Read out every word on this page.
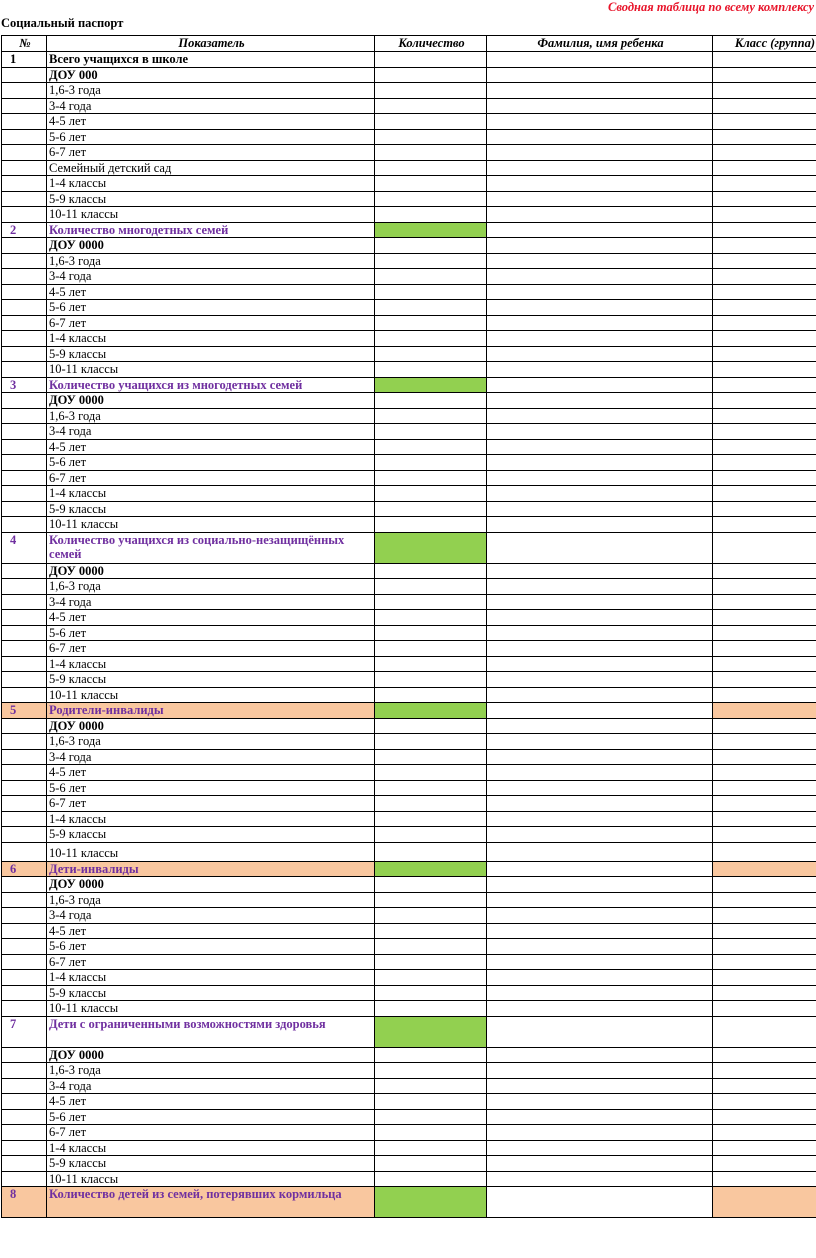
Сводная таблица по всему комплексу
Социальный паспорт
№	Показатель	Количество	Фамилия, имя ребенка	Класс (группа)
1	Всего учащихся в школе			
	ДОУ 000			
	1,6-3 года			
	3-4 года			
	4-5 лет			
	5-6 лет			
	6-7 лет			
	Семейный детский сад			
	1-4 классы			
	5-9 классы			
	10-11 классы			
2	Количество многодетных семей			
	ДОУ 0000			
	1,6-3 года			
	3-4 года			
	4-5 лет			
	5-6 лет			
	6-7 лет			
	1-4 классы			
	5-9 классы			
	10-11 классы			
3	Количество учащихся из многодетных семей			
	ДОУ 0000			
	1,6-3 года			
	3-4 года			
	4-5 лет			
	5-6 лет			
	6-7 лет			
	1-4 классы			
	5-9 классы			
	10-11 классы			
4	Количество учащихся из социально-незащищённых семей			
	ДОУ 0000			
	1,6-3 года			
	3-4 года			
	4-5 лет			
	5-6 лет			
	6-7 лет			
	1-4 классы			
	5-9 классы			
	10-11 классы			
5	Родители-инвалиды			
	ДОУ 0000			
	1,6-3 года			
	3-4 года			
	4-5 лет			
	5-6 лет			
	6-7 лет			
	1-4 классы			
	5-9 классы			
	10-11 классы			
6	Дети-инвалиды			
	ДОУ 0000			
	1,6-3 года			
	3-4 года			
	4-5 лет			
	5-6 лет			
	6-7 лет			
	1-4 классы			
	5-9 классы			
	10-11 классы			
7	Дети с ограниченными возможностями здоровья			
	ДОУ 0000			
	1,6-3 года			
	3-4 года			
	4-5 лет			
	5-6 лет			
	6-7 лет			
	1-4 классы			
	5-9 классы			
	10-11 классы			
8	Количество детей из семей, потерявших кормильца			
